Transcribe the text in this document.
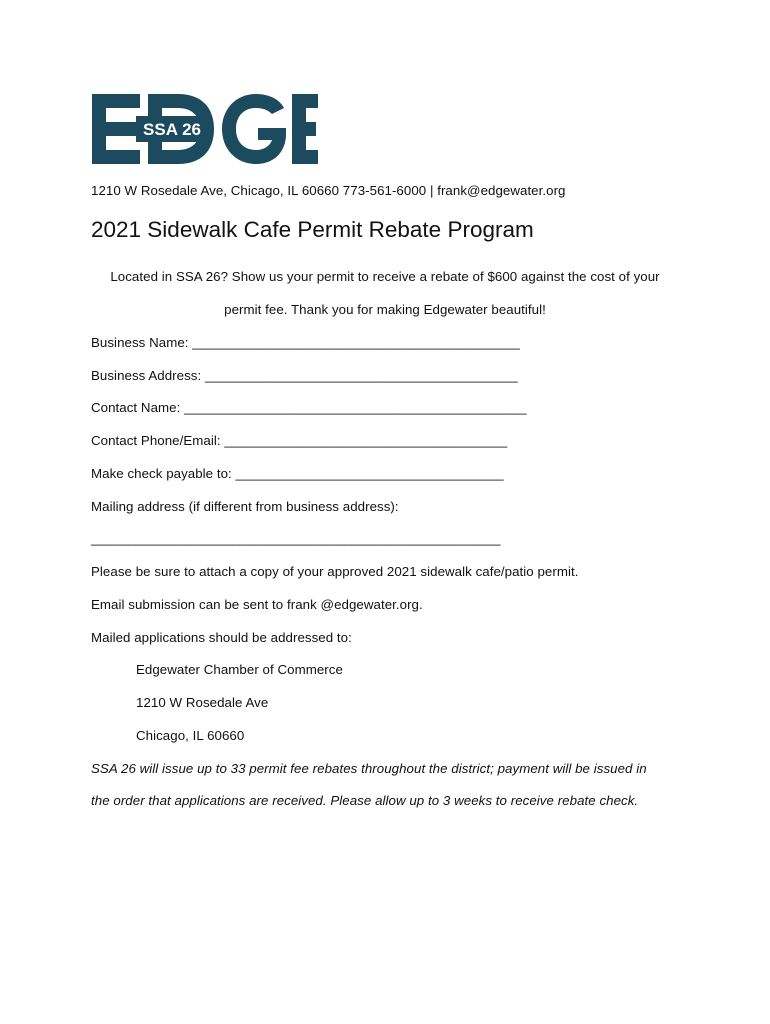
SSA 26
1210 W Rosedale Ave, Chicago, IL 60660 773-561-6000 | frank@edgewater.org
2021 Sidewalk Cafe Permit Rebate Program
Located in SSA 26? Show us your permit to receive a rebate of $600 against the cost of your
permit fee. Thank you for making Edgewater beautiful!
Business Name: ____________________________________________
Business Address: __________________________________________
Contact Name: ______________________________________________
Contact Phone/Email: ______________________________________
Make check payable to: ____________________________________
Mailing address (if different from business address):
_______________________________________________________
Please be sure to attach a copy of your approved 2021 sidewalk cafe/patio permit.
Email submission can be sent to frank @edgewater.org.
Mailed applications should be addressed to:
Edgewater Chamber of Commerce
1210 W Rosedale Ave
Chicago, IL 60660
SSA 26 will issue up to 33 permit fee rebates throughout the district; payment will be issued in
the order that applications are received. Please allow up to 3 weeks to receive rebate check.
